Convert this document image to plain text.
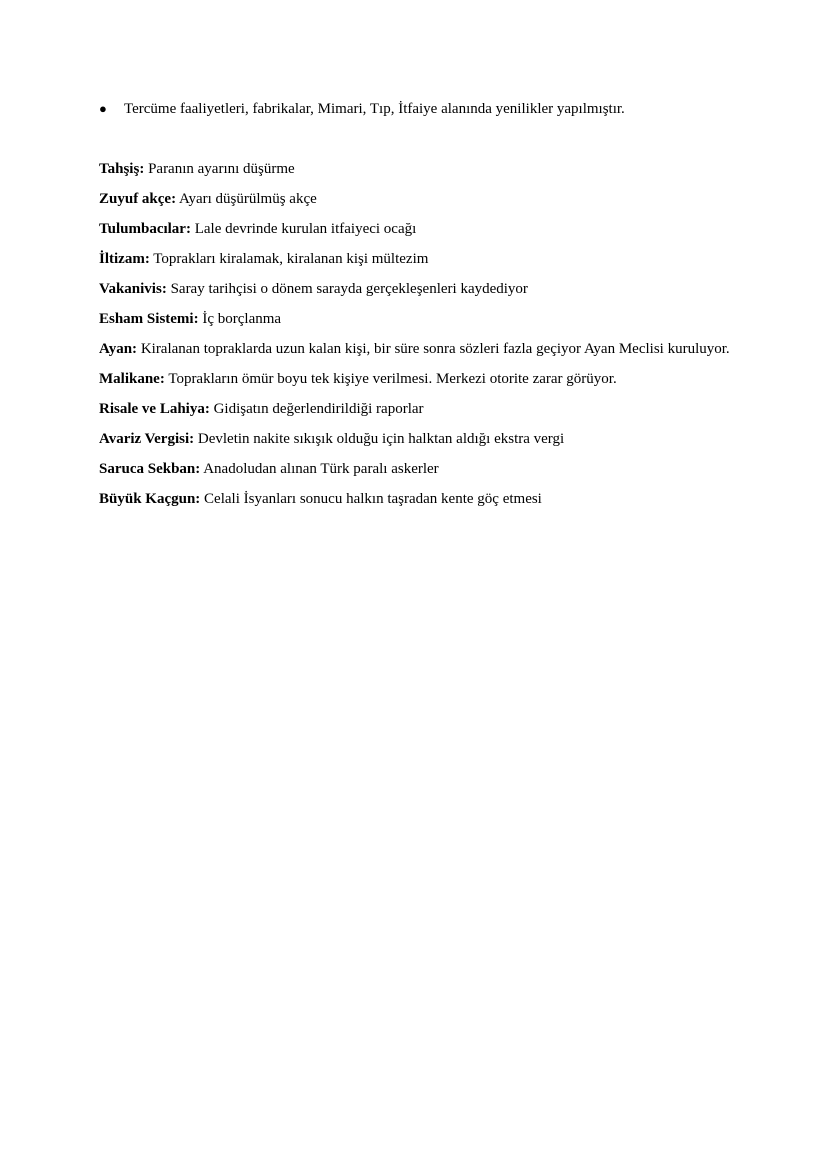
● Tercüme faaliyetleri, fabrikalar, Mimari, Tıp, İtfaiye alanında yenilikler yapılmıştır.

Tahşiş: Paranın ayarını düşürme

Zuyuf akçe: Ayarı düşürülmüş akçe

Tulumbacılar: Lale devrinde kurulan itfaiyeci ocağı

İltizam: Toprakları kiralamak, kiralanan kişi mültezim

Vakanivis: Saray tarihçisi o dönem sarayda gerçekleşenleri kaydediyor

Esham Sistemi: İç borçlanma

Ayan: Kiralanan topraklarda uzun kalan kişi, bir süre sonra sözleri fazla geçiyor Ayan Meclisi kuruluyor.

Malikane: Toprakların ömür boyu tek kişiye verilmesi. Merkezi otorite zarar görüyor.

Risale ve Lahiya: Gidişatın değerlendirildiği raporlar

Avariz Vergisi: Devletin nakite sıkışık olduğu için halktan aldığı ekstra vergi

Saruca Sekban: Anadoludan alınan Türk paralı askerler

Büyük Kaçgun: Celali İsyanları sonucu halkın taşradan kente göç etmesi
